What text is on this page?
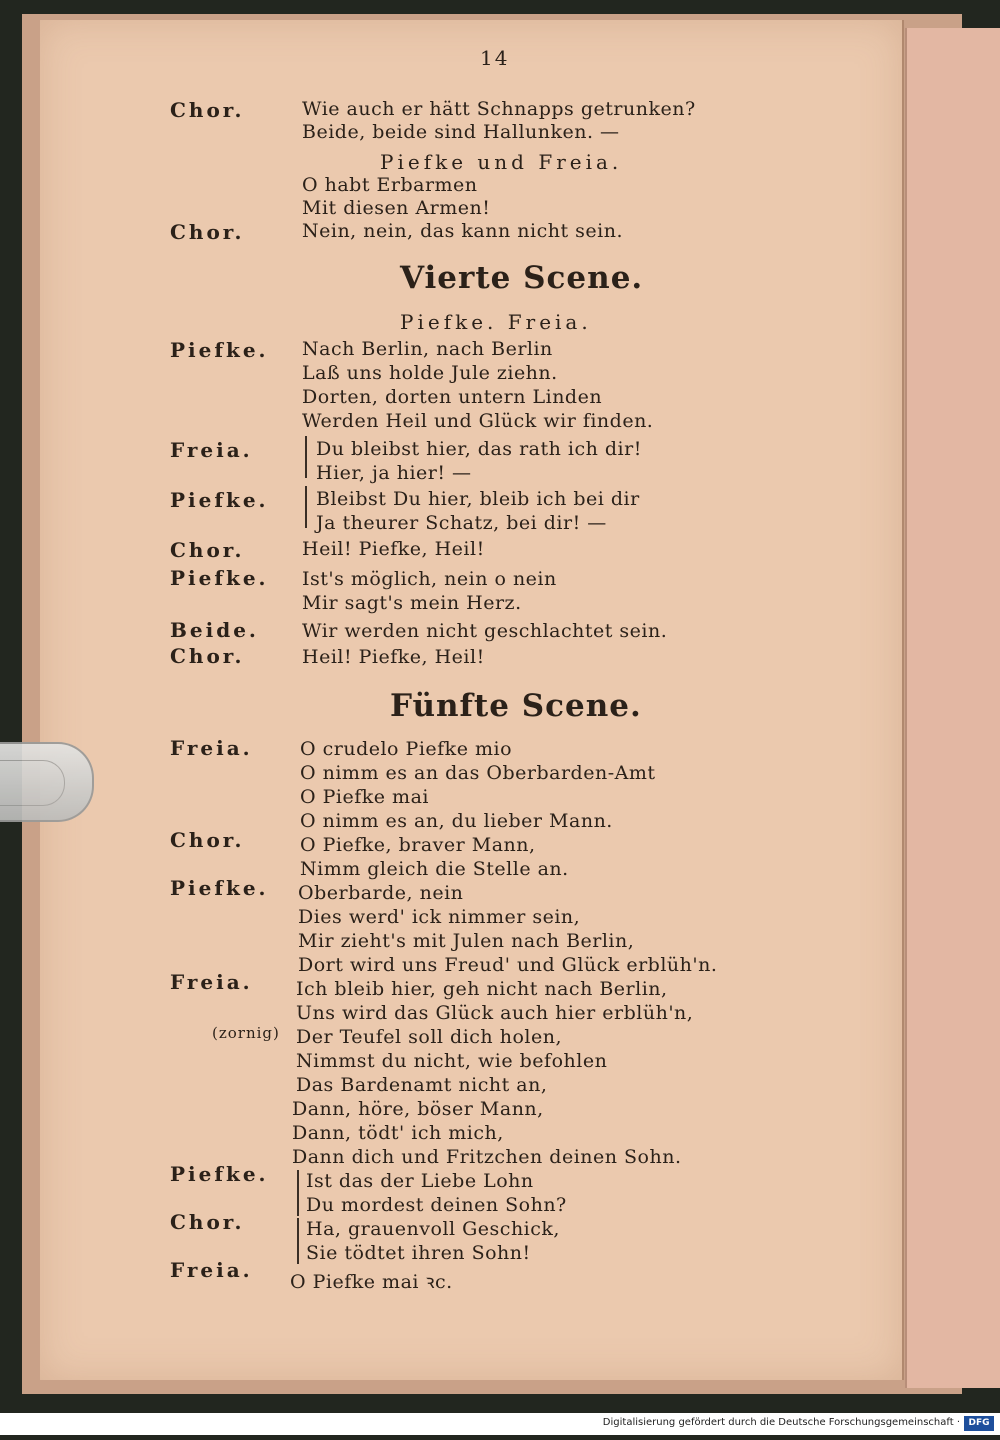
14
Chor.	Wie auch er hätt Schnapps getrunken?
Beide, beide sind Hallunken. —
Piefke und Freia.
O habt Erbarmen
Mit diesen Armen!
Chor.	Nein, nein, das kann nicht sein.
Vierte Scene.
Piefke. Freia.
Piefke. Nach Berlin, nach Berlin
Laß uns holde Jule ziehn.
Dorten, dorten untern Linden
Werden Heil und Glück wir finden.
Freia.	Du bleibst hier, das rath ich dir!
Hier, ja hier! —
Piefke. Bleibst Du hier, bleib ich bei dir
Ja theurer Schatz, bei dir! —
Chor.	Heil! Piefke, Heil!
Piefke. Ist's möglich, nein o nein
Mir sagt's mein Herz.
Beide. Wir werden nicht geschlachtet sein.
Chor.	Heil! Piefke, Heil!
Fünfte Scene.
Freia. O crudelo Piefke mio
O nimm es an das Oberbarden-Amt
O Piefke mai
O nimm es an, du lieber Mann.
Chor.	O Piefke, braver Mann,
Nimm gleich die Stelle an.
Piefke. Oberbarde, nein
Dies werd' ick nimmer sein,
Mir zieht's mit Julen nach Berlin,
Dort wird uns Freud' und Glück erblüh'n.
Freia. Ich bleib hier, geh nicht nach Berlin,
Uns wird das Glück auch hier erblüh'n,
(zornig) Der Teufel soll dich holen,
Nimmst du nicht, wie befohlen
Das Bardenamt nicht an,
Dann, höre, böser Mann,
Dann, tödt' ich mich,
Dann dich und Fritzchen deinen Sohn.
Piefke. Ist das der Liebe Lohn
Du mordest deinen Sohn?
Chor.	Ha, grauenvoll Geschick,
Sie tödtet ihren Sohn!
Freia. O Piefke mai ꝛc.
Digitalisierung gefördert durch die Deutsche Forschungsgemeinschaft · DFG
